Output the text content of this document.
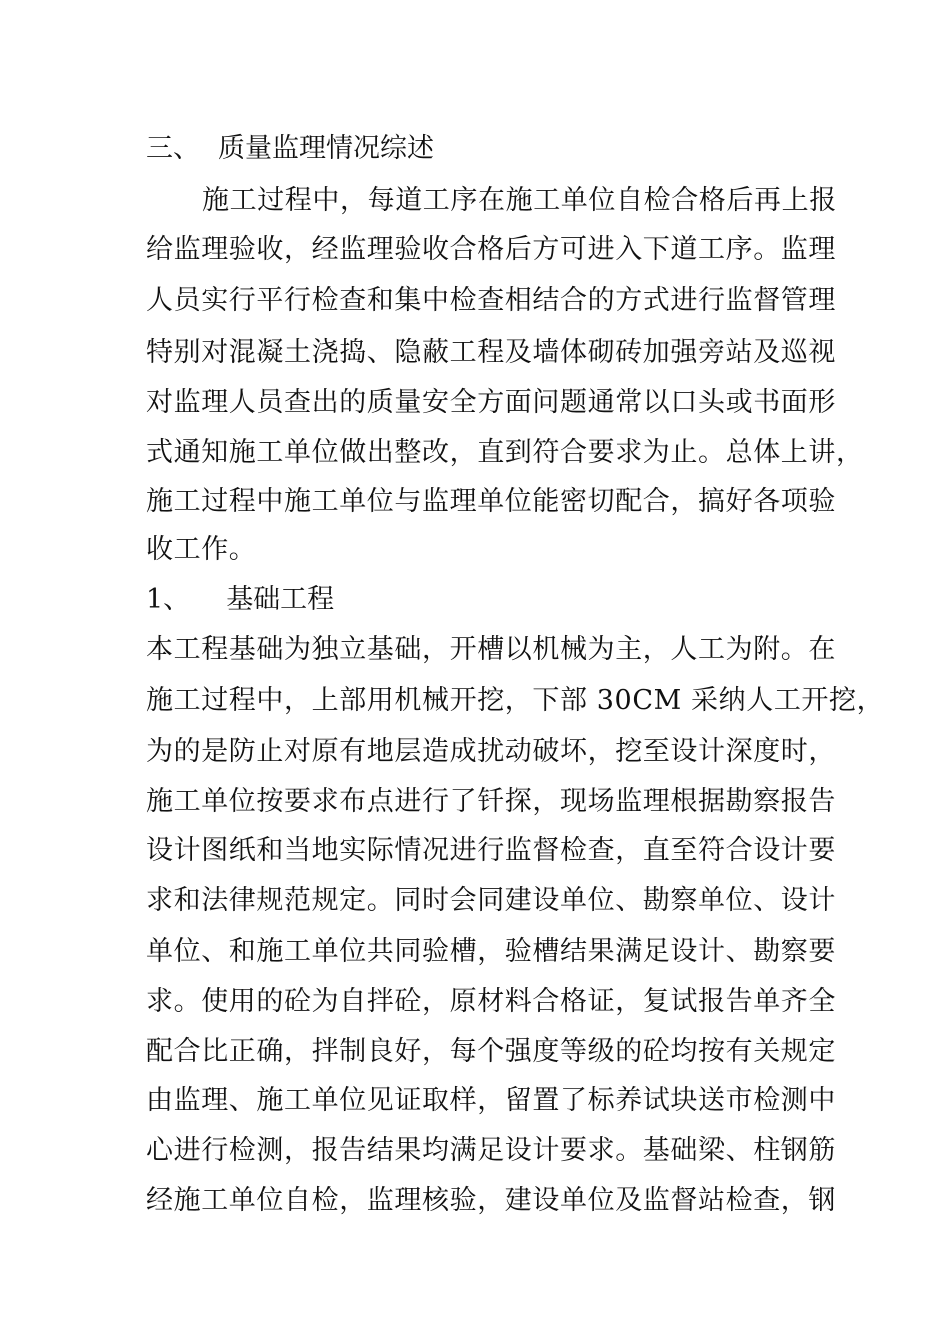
三、 质量监理情况综述
施工过程中，每道工序在施工单位自检合格后再上报
给监理验收，经监理验收合格后方可进入下道工序。监理
人员实行平行检查和集中检查相结合的方式进行监督管理
特别对混凝土浇捣、隐蔽工程及墙体砌砖加强旁站及巡视
对监理人员查出的质量安全方面问题通常以口头或书面形
式通知施工单位做出整改，直到符合要求为止。总体上讲，
施工过程中施工单位与监理单位能密切配合，搞好各项验
收工作。
1、 基础工程
本工程基础为独立基础，开槽以机械为主，人工为附。在
施工过程中，上部用机械开挖，下部 30CM 采纳人工开挖，
为的是防止对原有地层造成扰动破坏，挖至设计深度时，
施工单位按要求布点进行了钎探，现场监理根据勘察报告
设计图纸和当地实际情况进行监督检查，直至符合设计要
求和法律规范规定。同时会同建设单位、勘察单位、设计
单位、和施工单位共同验槽，验槽结果满足设计、勘察要
求。使用的砼为自拌砼，原材料合格证，复试报告单齐全
配合比正确，拌制良好，每个强度等级的砼均按有关规定
由监理、施工单位见证取样，留置了标养试块送市检测中
心进行检测，报告结果均满足设计要求。基础梁、柱钢筋
经施工单位自检，监理核验，建设单位及监督站检查，钢
